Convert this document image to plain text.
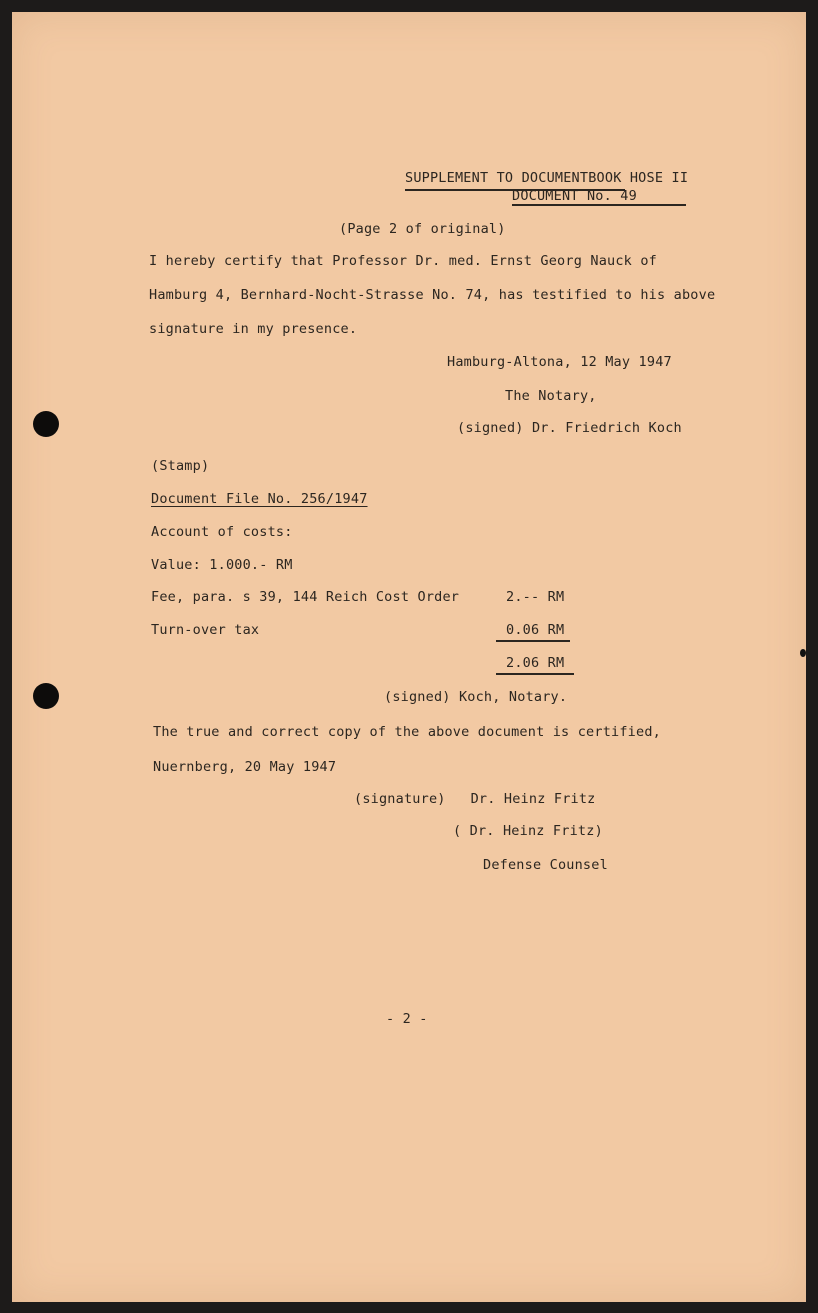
SUPPLEMENT TO DOCUMENTBOOK HOSE II
DOCUMENT No. 49
(Page 2 of original)
I hereby certify that Professor Dr. med. Ernst Georg Nauck of
Hamburg 4, Bernhard-Nocht-Strasse No. 74, has testified to his above
signature in my presence.
Hamburg-Altona, 12 May 1947
The Notary,
(signed) Dr. Friedrich Koch
(Stamp)
Document File No. 256/1947
Account of costs:
Value: 1.000.- RM
Fee, para. s 39, 144 Reich Cost Order	2.-- RM
Turn-over tax	0.06 RM
2.06 RM
(signed) Koch, Notary.
The true and correct copy of the above document is certified,
Nuernberg, 20 May 1947
(signature)   Dr. Heinz Fritz
( Dr. Heinz Fritz)
Defense Counsel
- 2 -
